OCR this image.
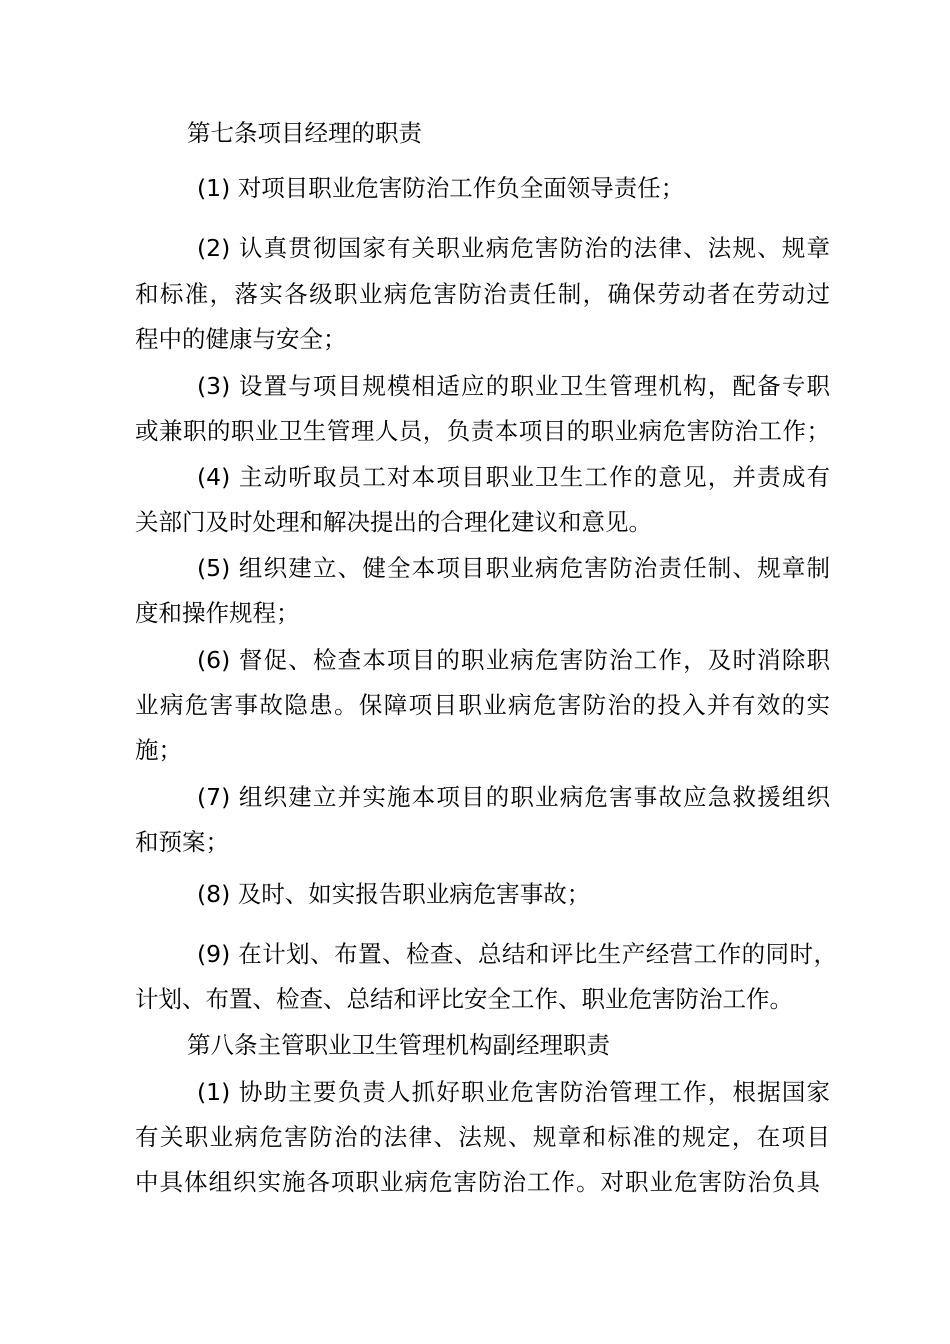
第七条项目经理的职责
(1) 对项目职业危害防治工作负全面领导责任；
(2) 认真贯彻国家有关职业病危害防治的法律、法规、规章
和标准，落实各级职业病危害防治责任制，确保劳动者在劳动过
程中的健康与安全；
(3) 设置与项目规模相适应的职业卫生管理机构，配备专职
或兼职的职业卫生管理人员，负责本项目的职业病危害防治工作；
(4) 主动听取员工对本项目职业卫生工作的意见，并责成有
关部门及时处理和解决提出的合理化建议和意见。
(5) 组织建立、健全本项目职业病危害防治责任制、规章制
度和操作规程；
(6) 督促、检查本项目的职业病危害防治工作，及时消除职
业病危害事故隐患。保障项目职业病危害防治的投入并有效的实
施；
(7) 组织建立并实施本项目的职业病危害事故应急救援组织
和预案；
(8) 及时、如实报告职业病危害事故；
(9) 在计划、布置、检查、总结和评比生产经营工作的同时，
计划、布置、检查、总结和评比安全工作、职业危害防治工作。
第八条主管职业卫生管理机构副经理职责
(1) 协助主要负责人抓好职业危害防治管理工作，根据国家
有关职业病危害防治的法律、法规、规章和标准的规定，在项目
中具体组织实施各项职业病危害防治工作。对职业危害防治负具
